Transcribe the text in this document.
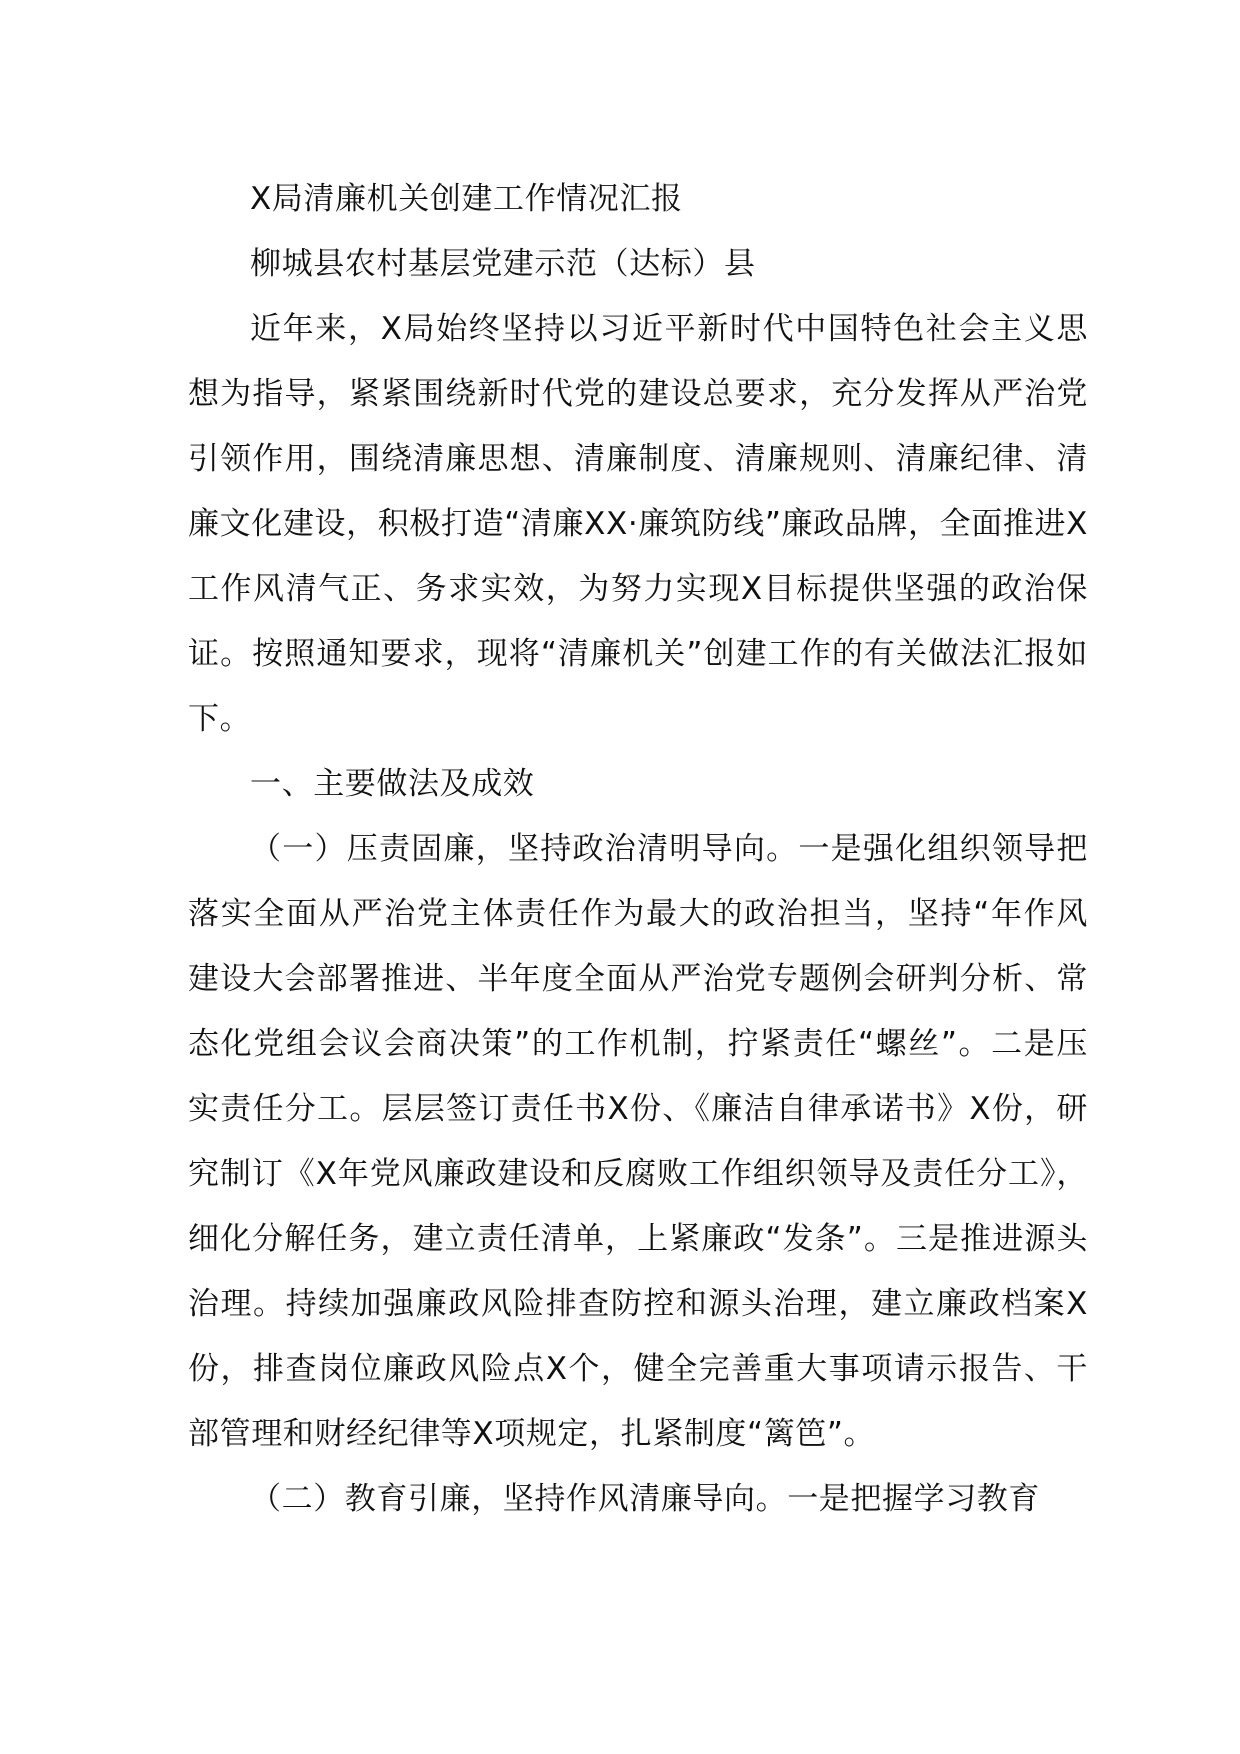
X局清廉机关创建工作情况汇报

柳城县农村基层党建示范（达标）县

近年来，X局始终坚持以习近平新时代中国特色社会主义思想为指导，紧紧围绕新时代党的建设总要求，充分发挥从严治党引领作用，围绕清廉思想、清廉制度、清廉规则、清廉纪律、清廉文化建设，积极打造“清廉XX·廉筑防线”廉政品牌，全面推进X工作风清气正、务求实效，为努力实现X目标提供坚强的政治保证。按照通知要求，现将“清廉机关”创建工作的有关做法汇报如下。

一、主要做法及成效

（一）压责固廉，坚持政治清明导向。一是强化组织领导把落实全面从严治党主体责任作为最大的政治担当，坚持“年作风建设大会部署推进、半年度全面从严治党专题例会研判分析、常态化党组会议会商决策”的工作机制，拧紧责任“螺丝”。二是压实责任分工。层层签订责任书X份、《廉洁自律承诺书》X份，研究制订《X年党风廉政建设和反腐败工作组织领导及责任分工》，细化分解任务，建立责任清单，上紧廉政“发条”。三是推进源头治理。持续加强廉政风险排查防控和源头治理，建立廉政档案X份，排查岗位廉政风险点X个，健全完善重大事项请示报告、干部管理和财经纪律等X项规定，扎紧制度“篱笆”。

（二）教育引廉，坚持作风清廉导向。一是把握学习教育
